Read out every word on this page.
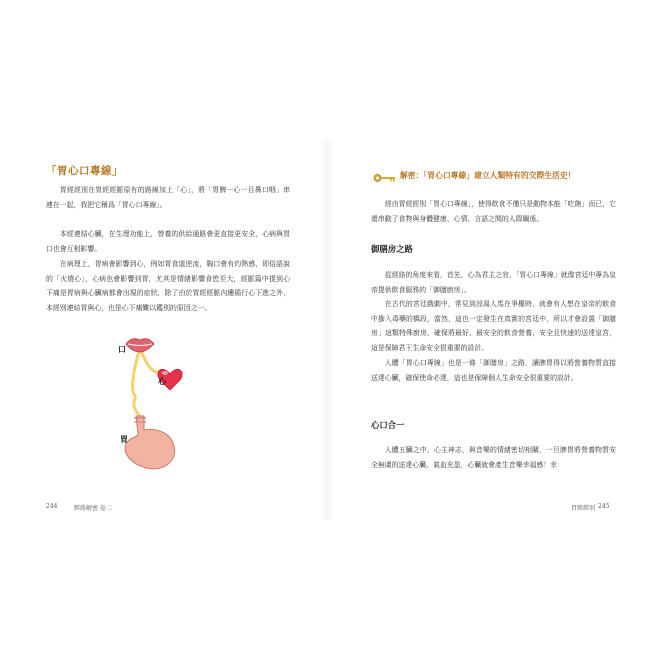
「胃心口專線」

胃經經別在胃經經脈原有的路線加上「心」，將「胃脾一心一目鼻口咽」串連在一起，我把它稱爲「胃心口專線」。

本經連結心臟，在生理功能上，營養的供給通路會更直接更安全，心病與胃口也會互相影響。

在病理上，胃病會影響到心，例如胃食道逆流，胸口會有灼熱感，即俗語說的「火燒心」，心病也會影響到胃，尤其是情緒影響食慾至大，經脈篇中提到心下痛是胃病與心臟病都會出現的症狀，除了由於胃經經脈內縷循行心下進之外，本經別連結胃與心，也是心下痛難以鑑別的原因之一。

口
心
胃
244	經絡解密 卷二
解密：「胃心口專線」建立人類特有的交際生活史！

經由胃經經別「胃心口專線」，使得飲食不僅只是動物本能「吃飽」而已，它還串動了食物與身體健康、心情、言語之間的人際關係。

御膳房之路

從經絡的角度來看，首先，心為君主之官，「胃心口專線」就像宮廷中專為皇帝提供飲食服務的「御膳廚房」。

在古代的宮廷戲劇中，常見到涼湯人馬在爭權時，就會有人想在皇帝的飲食中摻入毒藥的橋段，當然，這也一定發生在真實的宮廷中，所以才會設置「御膳房」這類特殊廚房，確保將最好、最安全的飲食營養，安全且快速的送達皇宮，這是保障君王生命安全很重要的設計。

人體「胃心口專線」也是一條「御膳房」之路，讓脾胃得以將營養物質直接送達心臟，確保使命必達，這也是保障個人生命安全很重要的設計。

心口合一

人體五臟之中，心主神志，與音樂的情緒密切相關，一旦脾胃將營養物質安全無虞的送達心臟，氣血充盈，心臟就會產生音樂幸福感！幸

胃經經別 245
